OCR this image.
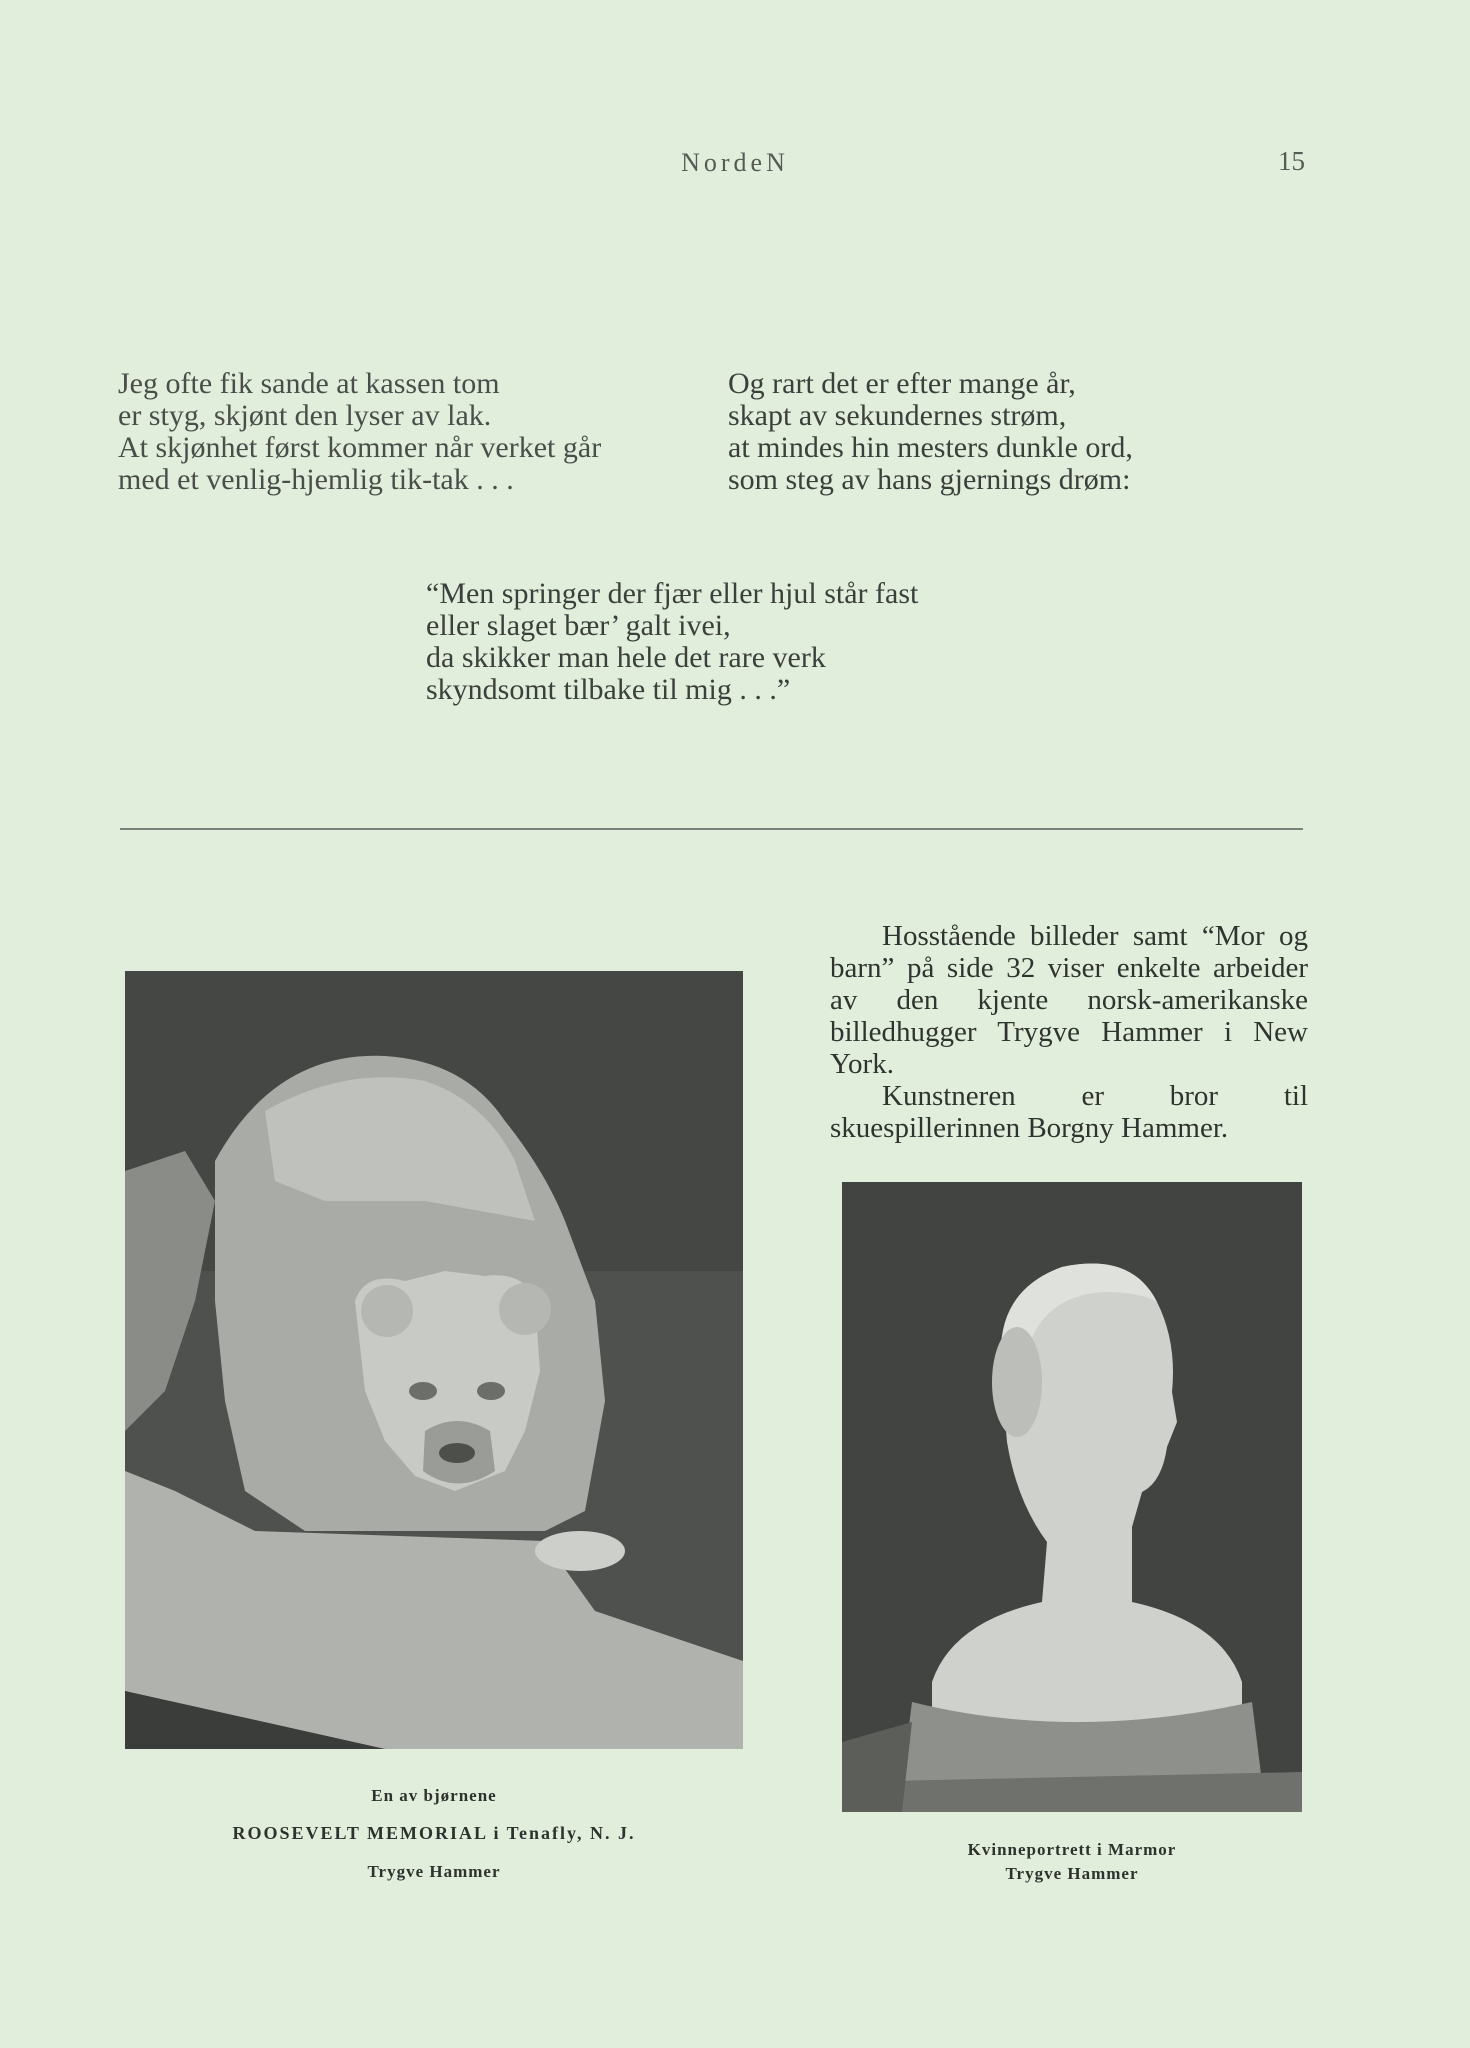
NordeN	15
Jeg ofte fik sande at kassen tom
er styg, skjønt den lyser av lak.
At skjønhet først kommer når verket går
med et venlig-hjemlig tik-tak . . .
Og rart det er efter mange år,
skapt av sekundernes strøm,
at mindes hin mesters dunkle ord,
som steg av hans gjernings drøm:
“Men springer der fjær eller hjul står fast
eller slaget bær’ galt ivei,
da skikker man hele det rare verk
skyndsomt tilbake til mig . . .”
Hosstående billeder samt “Mor og barn” på side 32 viser enkelte arbeider av den kjente norsk-amerikanske billedhugger Trygve Hammer i New York.
Kunstneren er bror til skuespillerinnen Borgny Hammer.
En av bjørnene
ROOSEVELT MEMORIAL i Tenafly, N. J.
Trygve Hammer
Kvinneportrett i Marmor
Trygve Hammer
